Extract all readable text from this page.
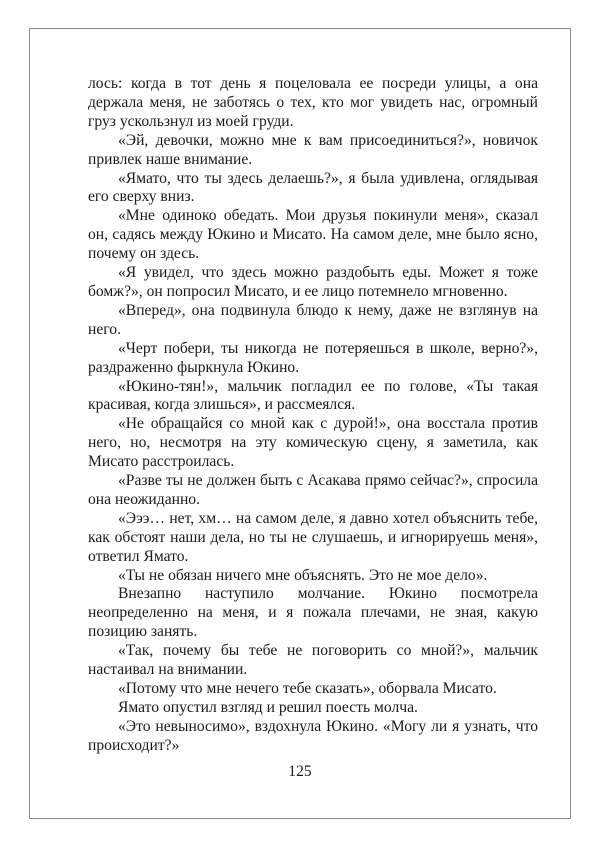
лось: когда в тот день я поцеловала ее посреди улицы, а она держала меня, не заботясь о тех, кто мог увидеть нас, огромный груз ускользнул из моей груди.

«Эй, девочки, можно мне к вам присоединиться?», новичок привлек наше внимание.

«Ямато, что ты здесь делаешь?», я была удивлена, оглядывая его сверху вниз.

«Мне одиноко обедать. Мои друзья покинули меня», сказал он, садясь между Юкино и Мисато. На самом деле, мне было ясно, почему он здесь.

«Я увидел, что здесь можно раздобыть еды. Может я тоже бомж?», он попросил Мисато, и ее лицо потемнело мгновенно.

«Вперед», она подвинула блюдо к нему, даже не взглянув на него.

«Черт побери, ты никогда не потеряешься в школе, верно?», раздраженно фыркнула Юкино.

«Юкино-тян!», мальчик погладил ее по голове, «Ты такая красивая, когда злишься», и рассмеялся.

«Не обращайся со мной как с дурой!», она восстала против него, но, несмотря на эту комическую сцену, я заметила, как Мисато расстроилась.

«Разве ты не должен быть с Асакава прямо сейчас?», спросила она неожиданно.

«Эээ… нет, хм… на самом деле, я давно хотел объяснить тебе, как обстоят наши дела, но ты не слушаешь, и игнорируешь меня», ответил Ямато.

«Ты не обязан ничего мне объяснять. Это не мое дело».

Внезапно наступило молчание. Юкино посмотрела неопределенно на меня, и я пожала плечами, не зная, какую позицию занять.

«Так, почему бы тебе не поговорить со мной?», мальчик настаивал на внимании.

«Потому что мне нечего тебе сказать», оборвала Мисато.

Ямато опустил взгляд и решил поесть молча.

«Это невыносимо», вздохнула Юкино. «Могу ли я узнать, что происходит?»

125
